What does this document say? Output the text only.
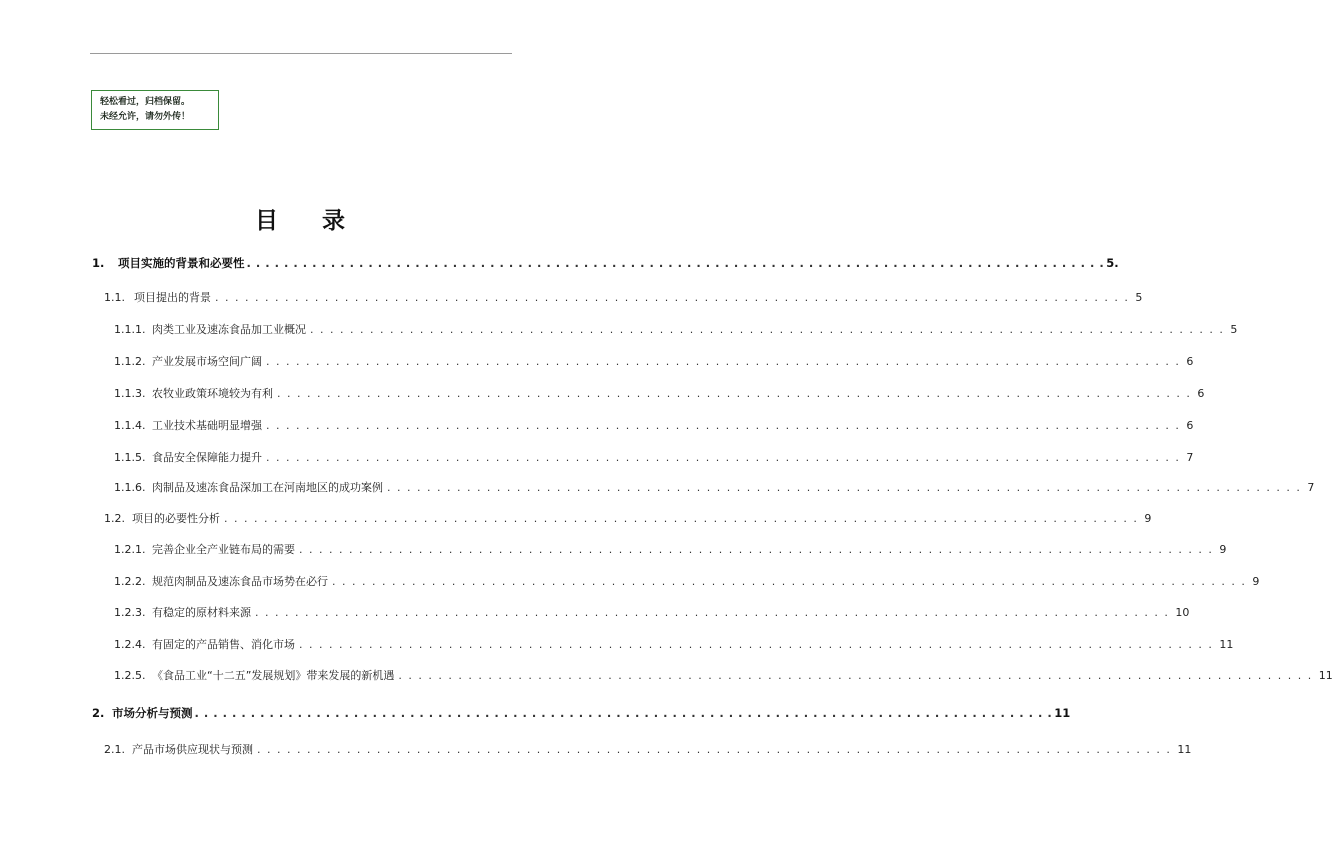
轻松看过，归档保留。
未经允许，请勿外传！
目 录
1.	项目实施的背景和必要性 . . . . . . . . . . . . . . . . . . . . . . . . . . . . . . . . . . . . . . . . . . . . . . . . . . . . . . . . . . . . . . . . . . . . . . . . . . . . . . . . . . . . . . . . . . . . 5.
1.1. 项目提出的背景 . . . . . . . . . . . . . . . . . . . . . . . . . . . . . . . . . . . . . . . . . . . . . . . . . . . . . . . . . . . . . . . . . . . . . . . . . . . . . . . . . . . . . . . . . . . . 5
1.1.1. 肉类工业及速冻食品加工业概况 . . . . . . . . . . . . . . . . . . . . . . . . . . . . . . . . . . . . . . . . . . . . . . . . . . . . . . . . . . . . . . . . . . . . . . . . . . . . . . . . . . . . . . . . . . . . 5
1.1.2. 产业发展市场空间广阔 . . . . . . . . . . . . . . . . . . . . . . . . . . . . . . . . . . . . . . . . . . . . . . . . . . . . . . . . . . . . . . . . . . . . . . . . . . . . . . . . . . . . . . . . . . . . 6
1.1.3. 农牧业政策环境较为有利 . . . . . . . . . . . . . . . . . . . . . . . . . . . . . . . . . . . . . . . . . . . . . . . . . . . . . . . . . . . . . . . . . . . . . . . . . . . . . . . . . . . . . . . . . . . . 6
1.1.4. 工业技术基础明显增强 . . . . . . . . . . . . . . . . . . . . . . . . . . . . . . . . . . . . . . . . . . . . . . . . . . . . . . . . . . . . . . . . . . . . . . . . . . . . . . . . . . . . . . . . . . . . 6
1.1.5. 食品安全保障能力提升 . . . . . . . . . . . . . . . . . . . . . . . . . . . . . . . . . . . . . . . . . . . . . . . . . . . . . . . . . . . . . . . . . . . . . . . . . . . . . . . . . . . . . . . . . . . . 7
1.1.6. 肉制品及速冻食品深加工在河南地区的成功案例 . . . . . . . . . . . . . . . . . . . . . . . . . . . . . . . . . . . . . . . . . . . . . . . . . . . . . . . . . . . . . . . . . . . . . . . . . . . . . . . . . . . . . . . . . . . . 7
1.2. 项目的必要性分析 . . . . . . . . . . . . . . . . . . . . . . . . . . . . . . . . . . . . . . . . . . . . . . . . . . . . . . . . . . . . . . . . . . . . . . . . . . . . . . . . . . . . . . . . . . . . 9
1.2.1. 完善企业全产业链布局的需要 . . . . . . . . . . . . . . . . . . . . . . . . . . . . . . . . . . . . . . . . . . . . . . . . . . . . . . . . . . . . . . . . . . . . . . . . . . . . . . . . . . . . . . . . . . . . 9
1.2.2. 规范肉制品及速冻食品市场势在必行 . . . . . . . . . . . . . . . . . . . . . . . . . . . . . . . . . . . . . . . . . . . . . . . . . . . . . . . . . . . . . . . . . . . . . . . . . . . . . . . . . . . . . . . . . . . . 9
1.2.3. 有稳定的原材料来源 . . . . . . . . . . . . . . . . . . . . . . . . . . . . . . . . . . . . . . . . . . . . . . . . . . . . . . . . . . . . . . . . . . . . . . . . . . . . . . . . . . . . . . . . . . . . 10
1.2.4. 有固定的产品销售、消化市场 . . . . . . . . . . . . . . . . . . . . . . . . . . . . . . . . . . . . . . . . . . . . . . . . . . . . . . . . . . . . . . . . . . . . . . . . . . . . . . . . . . . . . . . . . . . . 11
1.2.5. 《食品工业“十二五”发展规划》带来发展的新机遇 . . . . . . . . . . . . . . . . . . . . . . . . . . . . . . . . . . . . . . . . . . . . . . . . . . . . . . . . . . . . . . . . . . . . . . . . . . . . . . . . . . . . . . . . . . . . 11
2. 市场分析与预测 . . . . . . . . . . . . . . . . . . . . . . . . . . . . . . . . . . . . . . . . . . . . . . . . . . . . . . . . . . . . . . . . . . . . . . . . . . . . . . . . . . . . . . . . . . . . 11
2.1. 产品市场供应现状与预测 . . . . . . . . . . . . . . . . . . . . . . . . . . . . . . . . . . . . . . . . . . . . . . . . . . . . . . . . . . . . . . . . . . . . . . . . . . . . . . . . . . . . . . . . . . . . 11
